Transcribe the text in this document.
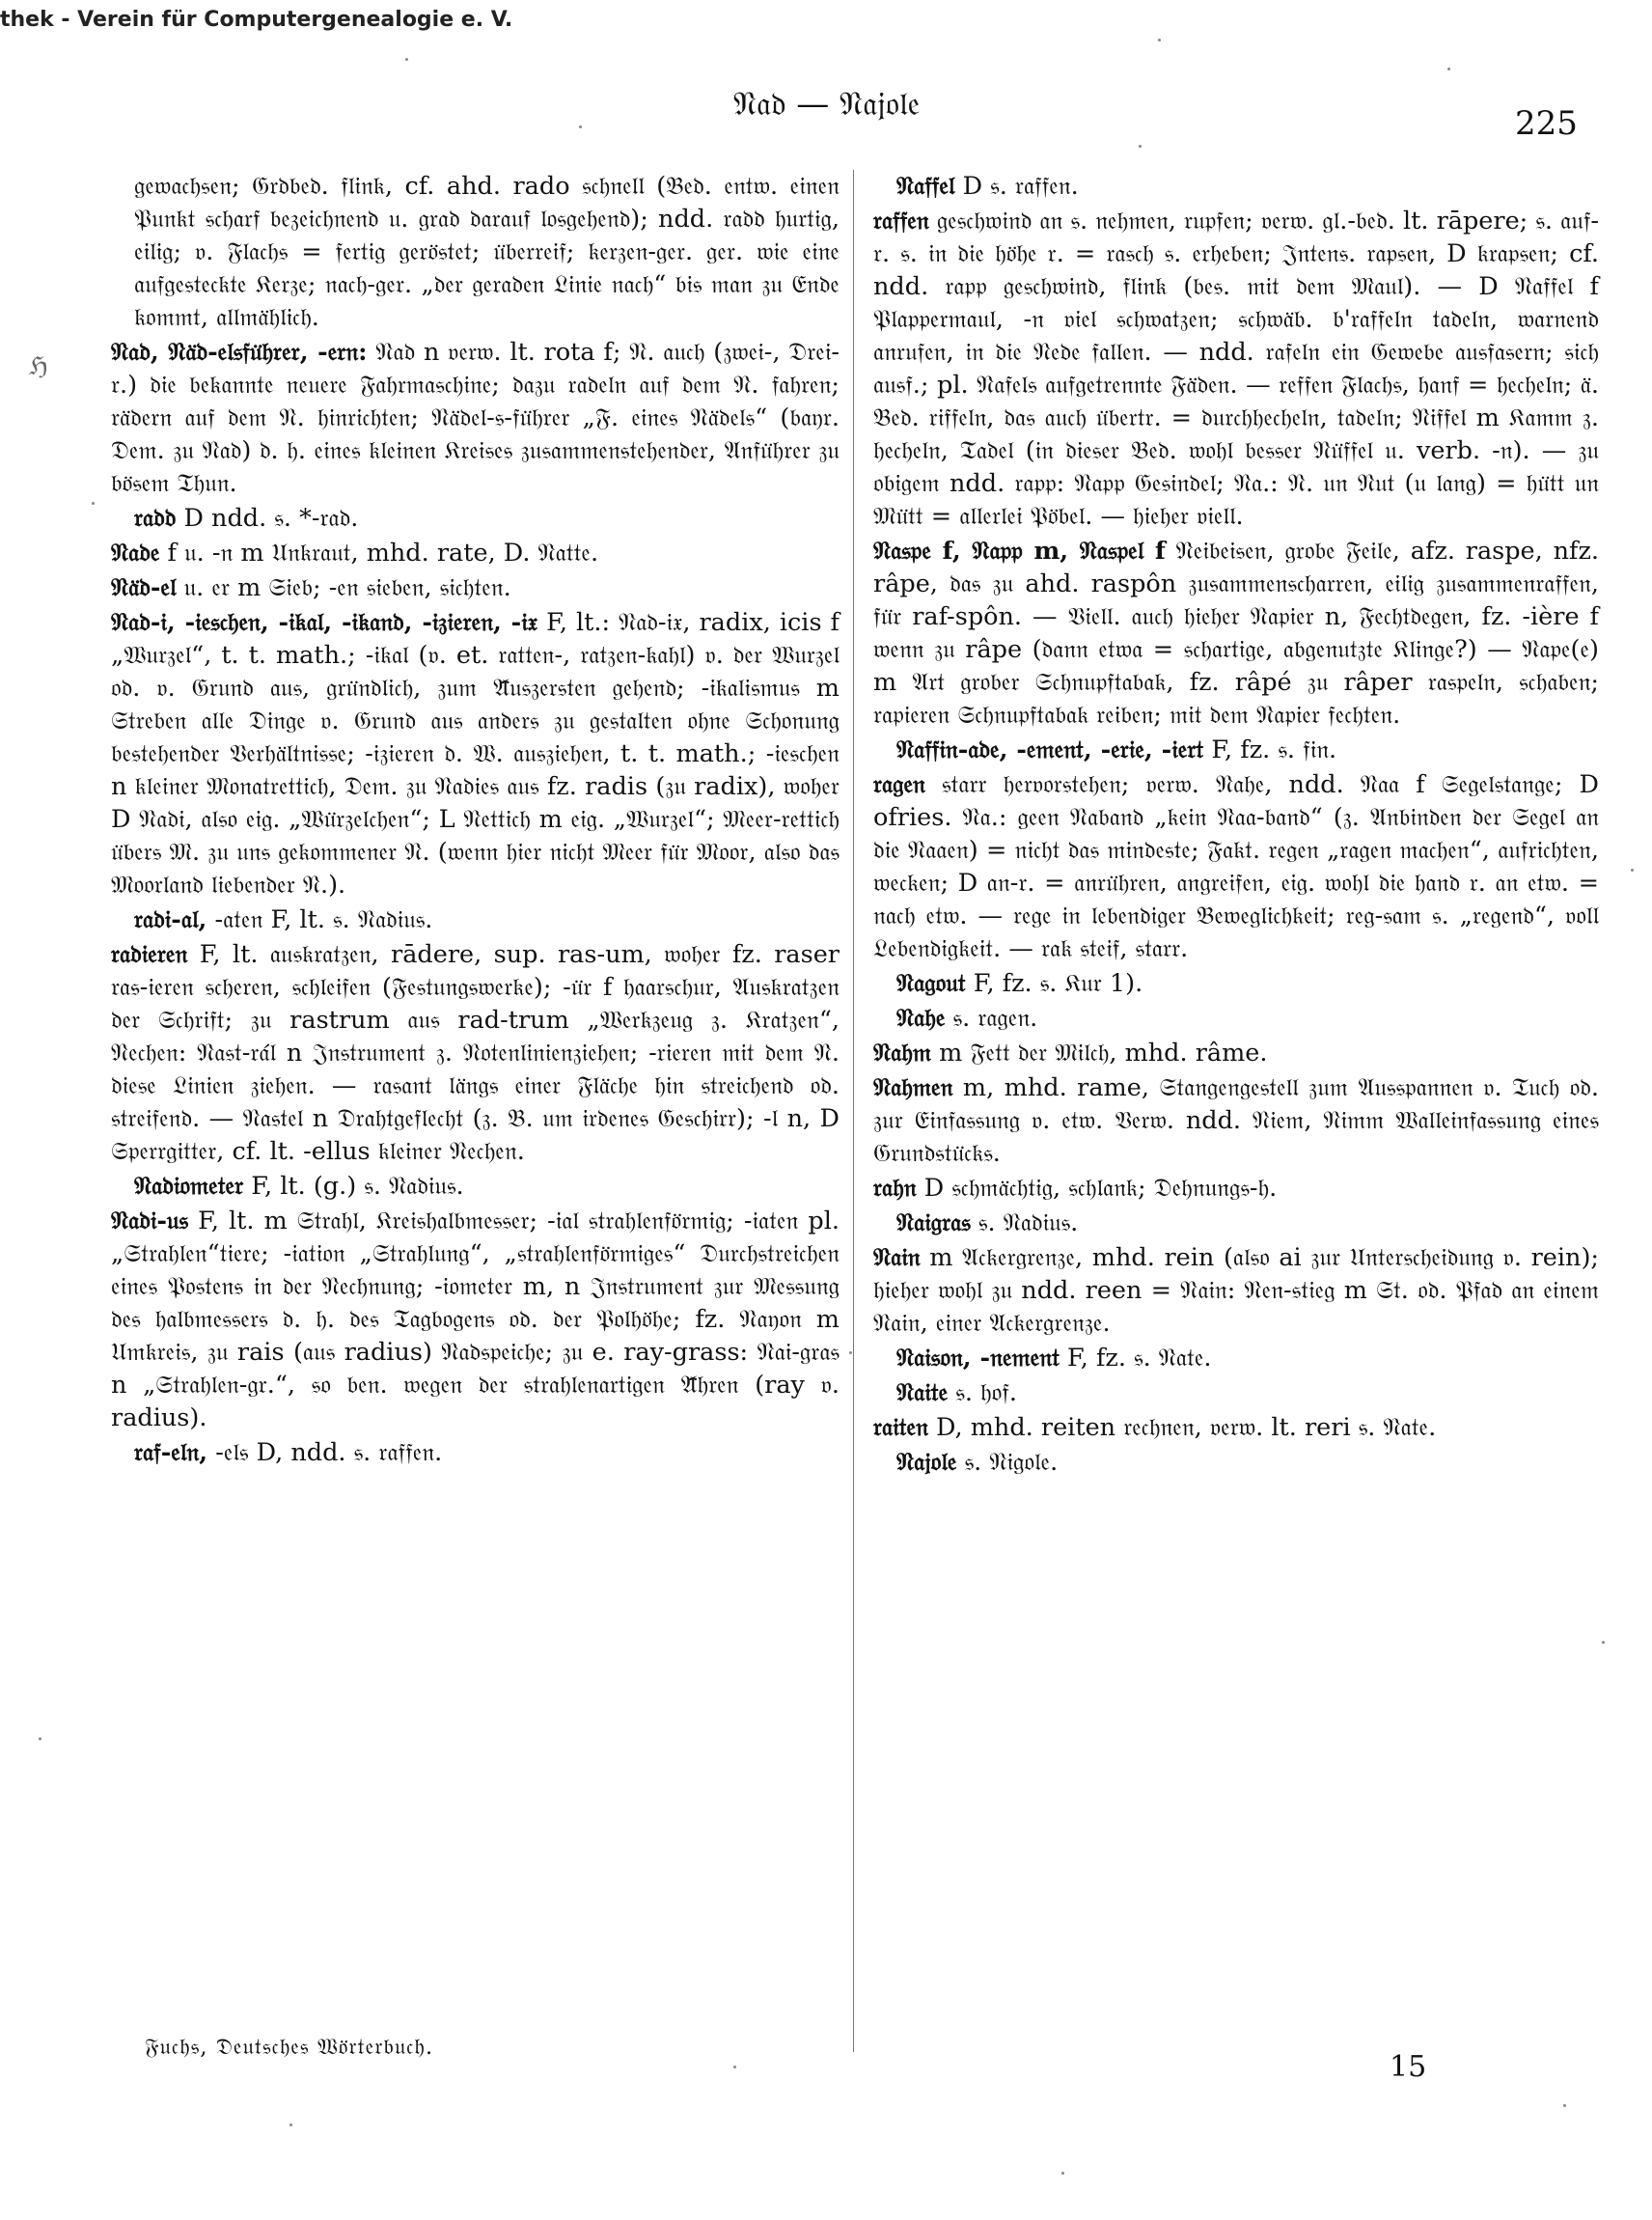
thek - Verein für Computergenealogie e. V.
𝔑𝔞𝔡 — 𝔑𝔞𝔧𝔬𝔩𝔢	225
ℌ

𝔤𝔢𝔴𝔞𝔠𝔥𝔰𝔢𝔫; 𝔊𝔯𝔡𝔟𝔢𝔡. 𝔣𝔩𝔦𝔫𝔨, cf. ahd. rado 𝔰𝔠𝔥𝔫𝔢𝔩𝔩 (𝔅𝔢𝔡. 𝔢𝔫𝔱𝔴. 𝔢𝔦𝔫𝔢𝔫 𝔓𝔲𝔫𝔨𝔱 𝔰𝔠𝔥𝔞𝔯𝔣 𝔟𝔢𝔷𝔢𝔦𝔠𝔥𝔫𝔢𝔫𝔡 𝔲. 𝔤𝔯𝔞𝔡 𝔡𝔞𝔯𝔞𝔲𝔣 𝔩𝔬𝔰𝔤𝔢𝔥𝔢𝔫𝔡); ndd. 𝔯𝔞𝔡𝔡 𝔥𝔲𝔯𝔱𝔦𝔤, 𝔢𝔦𝔩𝔦𝔤; 𝔳. 𝔉𝔩𝔞𝔠𝔥𝔰 = 𝔣𝔢𝔯𝔱𝔦𝔤 𝔤𝔢𝔯𝔬̈𝔰𝔱𝔢𝔱; 𝔲̈𝔟𝔢𝔯𝔯𝔢𝔦𝔣; 𝔨𝔢𝔯𝔷𝔢𝔫-𝔤𝔢𝔯. 𝔤𝔢𝔯. 𝔴𝔦𝔢 𝔢𝔦𝔫𝔢 𝔞𝔲𝔣𝔤𝔢𝔰𝔱𝔢𝔠𝔨𝔱𝔢 𝔎𝔢𝔯𝔷𝔢; 𝔫𝔞𝔠𝔥-𝔤𝔢𝔯. „𝔡𝔢𝔯 𝔤𝔢𝔯𝔞𝔡𝔢𝔫 𝔏𝔦𝔫𝔦𝔢 𝔫𝔞𝔠𝔥“ 𝔟𝔦𝔰 𝔪𝔞𝔫 𝔷𝔲 𝔈𝔫𝔡𝔢 𝔨𝔬𝔪𝔪𝔱, 𝔞𝔩𝔩𝔪𝔞̈𝔥𝔩𝔦𝔠𝔥.

𝔑𝔞𝔡, 𝔑𝔞̈𝔡-𝔢𝔩𝔰𝔣𝔲̈𝔥𝔯𝔢𝔯, -𝔢𝔯𝔫: 𝔑𝔞𝔡 n 𝔳𝔢𝔯𝔴. lt. rota f; 𝔑. 𝔞𝔲𝔠𝔥 (𝔷𝔴𝔢𝔦-, 𝔇𝔯𝔢𝔦-𝔯.) 𝔡𝔦𝔢 𝔟𝔢𝔨𝔞𝔫𝔫𝔱𝔢 𝔫𝔢𝔲𝔢𝔯𝔢 𝔉𝔞𝔥𝔯𝔪𝔞𝔰𝔠𝔥𝔦𝔫𝔢; 𝔡𝔞𝔷𝔲 𝔯𝔞𝔡𝔢𝔩𝔫 𝔞𝔲𝔣 𝔡𝔢𝔪 𝔑. 𝔣𝔞𝔥𝔯𝔢𝔫; 𝔯𝔞̈𝔡𝔢𝔯𝔫 𝔞𝔲𝔣 𝔡𝔢𝔪 𝔑. 𝔥𝔦𝔫𝔯𝔦𝔠𝔥𝔱𝔢𝔫; 𝔑𝔞̈𝔡𝔢𝔩-𝔰-𝔣𝔲̈𝔥𝔯𝔢𝔯 „𝔉. 𝔢𝔦𝔫𝔢𝔰 𝔑𝔞̈𝔡𝔢𝔩𝔰“ (𝔟𝔞𝔶𝔯. 𝔇𝔢𝔪. 𝔷𝔲 𝔑𝔞𝔡) 𝔡. 𝔥. 𝔢𝔦𝔫𝔢𝔰 𝔨𝔩𝔢𝔦𝔫𝔢𝔫 𝔎𝔯𝔢𝔦𝔰𝔢𝔰 𝔷𝔲𝔰𝔞𝔪𝔪𝔢𝔫𝔰𝔱𝔢𝔥𝔢𝔫𝔡𝔢𝔯, 𝔄𝔫𝔣𝔲̈𝔥𝔯𝔢𝔯 𝔷𝔲 𝔟𝔬̈𝔰𝔢𝔪 𝔗𝔥𝔲𝔫.

𝔯𝔞𝔡𝔡 D ndd. 𝔰. *-𝔯𝔞𝔡.

𝔑𝔞𝔡𝔢 f 𝔲. -𝔫 m 𝔘𝔫𝔨𝔯𝔞𝔲𝔱, mhd. rate, D. 𝔑𝔞𝔱𝔱𝔢.

𝔑𝔞̈𝔡-𝔢𝔩 𝔲. 𝔢𝔯 m 𝔖𝔦𝔢𝔟; -𝔢𝔫 𝔰𝔦𝔢𝔟𝔢𝔫, 𝔰𝔦𝔠𝔥𝔱𝔢𝔫.

𝔑𝔞𝔡-𝔦, -𝔦𝔢𝔰𝔠𝔥𝔢𝔫, -𝔦𝔨𝔞𝔩, -𝔦𝔨𝔞𝔫𝔡, -𝔦𝔷𝔦𝔢𝔯𝔢𝔫, -𝔦𝔵 F, lt.: 𝔑𝔞𝔡-𝔦𝔵, radix, icis f „𝔚𝔲𝔯𝔷𝔢𝔩“, t. t. math.; -𝔦𝔨𝔞𝔩 (𝔳. et. 𝔯𝔞𝔱𝔱𝔢𝔫-, 𝔯𝔞𝔱𝔷𝔢𝔫-𝔨𝔞𝔥𝔩) 𝔳. 𝔡𝔢𝔯 𝔚𝔲𝔯𝔷𝔢𝔩 𝔬𝔡. 𝔳. 𝔊𝔯𝔲𝔫𝔡 𝔞𝔲𝔰, 𝔤𝔯𝔲̈𝔫𝔡𝔩𝔦𝔠𝔥, 𝔷𝔲𝔪 𝔄̈𝔲𝔰𝔷𝔢𝔯𝔰𝔱𝔢𝔫 𝔤𝔢𝔥𝔢𝔫𝔡; -𝔦𝔨𝔞𝔩𝔦𝔰𝔪𝔲𝔰 m 𝔖𝔱𝔯𝔢𝔟𝔢𝔫 𝔞𝔩𝔩𝔢 𝔇𝔦𝔫𝔤𝔢 𝔳. 𝔊𝔯𝔲𝔫𝔡 𝔞𝔲𝔰 𝔞𝔫𝔡𝔢𝔯𝔰 𝔷𝔲 𝔤𝔢𝔰𝔱𝔞𝔩𝔱𝔢𝔫 𝔬𝔥𝔫𝔢 𝔖𝔠𝔥𝔬𝔫𝔲𝔫𝔤 𝔟𝔢𝔰𝔱𝔢𝔥𝔢𝔫𝔡𝔢𝔯 𝔙𝔢𝔯𝔥𝔞̈𝔩𝔱𝔫𝔦𝔰𝔰𝔢; -𝔦𝔷𝔦𝔢𝔯𝔢𝔫 𝔡. 𝔚. 𝔞𝔲𝔰𝔷𝔦𝔢𝔥𝔢𝔫, t. t. math.; -𝔦𝔢𝔰𝔠𝔥𝔢𝔫 n 𝔨𝔩𝔢𝔦𝔫𝔢𝔯 𝔐𝔬𝔫𝔞𝔱𝔯𝔢𝔱𝔱𝔦𝔠𝔥, 𝔇𝔢𝔪. 𝔷𝔲 𝔑𝔞𝔡𝔦𝔢𝔰 𝔞𝔲𝔰 fz. radis (𝔷𝔲 radix), 𝔴𝔬𝔥𝔢𝔯 D 𝔑𝔞𝔡𝔦, 𝔞𝔩𝔰𝔬 𝔢𝔦𝔤. „𝔚𝔲̈𝔯𝔷𝔢𝔩𝔠𝔥𝔢𝔫“; L 𝔑𝔢𝔱𝔱𝔦𝔠𝔥 m 𝔢𝔦𝔤. „𝔚𝔲𝔯𝔷𝔢𝔩“; 𝔐𝔢𝔢𝔯-𝔯𝔢𝔱𝔱𝔦𝔠𝔥 𝔲̈𝔟𝔢𝔯𝔰 𝔐. 𝔷𝔲 𝔲𝔫𝔰 𝔤𝔢𝔨𝔬𝔪𝔪𝔢𝔫𝔢𝔯 𝔑. (𝔴𝔢𝔫𝔫 𝔥𝔦𝔢𝔯 𝔫𝔦𝔠𝔥𝔱 𝔐𝔢𝔢𝔯 𝔣𝔲̈𝔯 𝔐𝔬𝔬𝔯, 𝔞𝔩𝔰𝔬 𝔡𝔞𝔰 𝔐𝔬𝔬𝔯𝔩𝔞𝔫𝔡 𝔩𝔦𝔢𝔟𝔢𝔫𝔡𝔢𝔯 𝔑.).

𝔯𝔞𝔡𝔦-𝔞𝔩, -𝔞𝔱𝔢𝔫 F, lt. 𝔰. 𝔑𝔞𝔡𝔦𝔲𝔰.

𝔯𝔞𝔡𝔦𝔢𝔯𝔢𝔫 F, lt. 𝔞𝔲𝔰𝔨𝔯𝔞𝔱𝔷𝔢𝔫, rādere, sup. ras-um, 𝔴𝔬𝔥𝔢𝔯 fz. raser 𝔯𝔞𝔰-𝔦𝔢𝔯𝔢𝔫 𝔰𝔠𝔥𝔢𝔯𝔢𝔫, 𝔰𝔠𝔥𝔩𝔢𝔦𝔣𝔢𝔫 (𝔉𝔢𝔰𝔱𝔲𝔫𝔤𝔰𝔴𝔢𝔯𝔨𝔢); -𝔲̈𝔯 f 𝔥𝔞𝔞𝔯𝔰𝔠𝔥𝔲𝔯, 𝔄𝔲𝔰𝔨𝔯𝔞𝔱𝔷𝔢𝔫 𝔡𝔢𝔯 𝔖𝔠𝔥𝔯𝔦𝔣𝔱; 𝔷𝔲 rastrum 𝔞𝔲𝔰 rad-trum „𝔚𝔢𝔯𝔨𝔷𝔢𝔲𝔤 𝔷. 𝔎𝔯𝔞𝔱𝔷𝔢𝔫“, 𝔑𝔢𝔠𝔥𝔢𝔫: 𝔑𝔞𝔰𝔱-𝔯𝔞́𝔩 n 𝔍𝔫𝔰𝔱𝔯𝔲𝔪𝔢𝔫𝔱 𝔷. 𝔑𝔬𝔱𝔢𝔫𝔩𝔦𝔫𝔦𝔢𝔫𝔷𝔦𝔢𝔥𝔢𝔫; -𝔯𝔦𝔢𝔯𝔢𝔫 𝔪𝔦𝔱 𝔡𝔢𝔪 𝔑. 𝔡𝔦𝔢𝔰𝔢 𝔏𝔦𝔫𝔦𝔢𝔫 𝔷𝔦𝔢𝔥𝔢𝔫. — 𝔯𝔞𝔰𝔞𝔫𝔱 𝔩𝔞̈𝔫𝔤𝔰 𝔢𝔦𝔫𝔢𝔯 𝔉𝔩𝔞̈𝔠𝔥𝔢 𝔥𝔦𝔫 𝔰𝔱𝔯𝔢𝔦𝔠𝔥𝔢𝔫𝔡 𝔬𝔡. 𝔰𝔱𝔯𝔢𝔦𝔣𝔢𝔫𝔡. — 𝔑𝔞𝔰𝔱𝔢𝔩 n 𝔇𝔯𝔞𝔥𝔱𝔤𝔢𝔣𝔩𝔢𝔠𝔥𝔱 (𝔷. 𝔅. 𝔲𝔪 𝔦𝔯𝔡𝔢𝔫𝔢𝔰 𝔊𝔢𝔰𝔠𝔥𝔦𝔯𝔯); -𝔩 n, D 𝔖𝔭𝔢𝔯𝔯𝔤𝔦𝔱𝔱𝔢𝔯, cf. lt. -ellus 𝔨𝔩𝔢𝔦𝔫𝔢𝔯 𝔑𝔢𝔠𝔥𝔢𝔫.

𝔑𝔞𝔡𝔦𝔬𝔪𝔢𝔱𝔢𝔯 F, lt. (g.) 𝔰. 𝔑𝔞𝔡𝔦𝔲𝔰.

𝔑𝔞𝔡𝔦-𝔲𝔰 F, lt. m 𝔖𝔱𝔯𝔞𝔥𝔩, 𝔎𝔯𝔢𝔦𝔰𝔥𝔞𝔩𝔟𝔪𝔢𝔰𝔰𝔢𝔯; -𝔦𝔞𝔩 𝔰𝔱𝔯𝔞𝔥𝔩𝔢𝔫𝔣𝔬̈𝔯𝔪𝔦𝔤; -𝔦𝔞𝔱𝔢𝔫 pl. „𝔖𝔱𝔯𝔞𝔥𝔩𝔢𝔫“𝔱𝔦𝔢𝔯𝔢; -𝔦𝔞𝔱𝔦𝔬𝔫 „𝔖𝔱𝔯𝔞𝔥𝔩𝔲𝔫𝔤“, „𝔰𝔱𝔯𝔞𝔥𝔩𝔢𝔫𝔣𝔬̈𝔯𝔪𝔦𝔤𝔢𝔰“ 𝔇𝔲𝔯𝔠𝔥𝔰𝔱𝔯𝔢𝔦𝔠𝔥𝔢𝔫 𝔢𝔦𝔫𝔢𝔰 𝔓𝔬𝔰𝔱𝔢𝔫𝔰 𝔦𝔫 𝔡𝔢𝔯 𝔑𝔢𝔠𝔥𝔫𝔲𝔫𝔤; -𝔦𝔬𝔪𝔢𝔱𝔢𝔯 m, n 𝔍𝔫𝔰𝔱𝔯𝔲𝔪𝔢𝔫𝔱 𝔷𝔲𝔯 𝔐𝔢𝔰𝔰𝔲𝔫𝔤 𝔡𝔢𝔰 𝔥𝔞𝔩𝔟𝔪𝔢𝔰𝔰𝔢𝔯𝔰 𝔡. 𝔥. 𝔡𝔢𝔰 𝔗𝔞𝔤𝔟𝔬𝔤𝔢𝔫𝔰 𝔬𝔡. 𝔡𝔢𝔯 𝔓𝔬𝔩𝔥𝔬̈𝔥𝔢; fz. 𝔑𝔞𝔶𝔬𝔫 m 𝔘𝔪𝔨𝔯𝔢𝔦𝔰, 𝔷𝔲 rais (𝔞𝔲𝔰 radius) 𝔑𝔞𝔡𝔰𝔭𝔢𝔦𝔠𝔥𝔢; 𝔷𝔲 e. ray-grass: 𝔑𝔞𝔦-𝔤𝔯𝔞𝔰 n „𝔖𝔱𝔯𝔞𝔥𝔩𝔢𝔫-𝔤𝔯.“, 𝔰𝔬 𝔟𝔢𝔫. 𝔴𝔢𝔤𝔢𝔫 𝔡𝔢𝔯 𝔰𝔱𝔯𝔞𝔥𝔩𝔢𝔫𝔞𝔯𝔱𝔦𝔤𝔢𝔫 𝔄̈𝔥𝔯𝔢𝔫 (ray 𝔳. radius).

𝔯𝔞𝔣-𝔢𝔩𝔫, -𝔢𝔩𝔰 D, ndd. 𝔰. 𝔯𝔞𝔣𝔣𝔢𝔫.

𝔑𝔞𝔣𝔣𝔢𝔩 D 𝔰. 𝔯𝔞𝔣𝔣𝔢𝔫.

𝔯𝔞𝔣𝔣𝔢𝔫 𝔤𝔢𝔰𝔠𝔥𝔴𝔦𝔫𝔡 𝔞𝔫 𝔰. 𝔫𝔢𝔥𝔪𝔢𝔫, 𝔯𝔲𝔭𝔣𝔢𝔫; 𝔳𝔢𝔯𝔴. 𝔤𝔩.-𝔟𝔢𝔡. lt. rāpere; 𝔰. 𝔞𝔲𝔣-𝔯. 𝔰. 𝔦𝔫 𝔡𝔦𝔢 𝔥𝔬̈𝔥𝔢 𝔯. = 𝔯𝔞𝔰𝔠𝔥 𝔰. 𝔢𝔯𝔥𝔢𝔟𝔢𝔫; 𝔍𝔫𝔱𝔢𝔫𝔰. 𝔯𝔞𝔭𝔰𝔢𝔫, D 𝔨𝔯𝔞𝔭𝔰𝔢𝔫; cf. ndd. 𝔯𝔞𝔭𝔭 𝔤𝔢𝔰𝔠𝔥𝔴𝔦𝔫𝔡, 𝔣𝔩𝔦𝔫𝔨 (𝔟𝔢𝔰. 𝔪𝔦𝔱 𝔡𝔢𝔪 𝔐𝔞𝔲𝔩). — D 𝔑𝔞𝔣𝔣𝔢𝔩 f 𝔓𝔩𝔞𝔭𝔭𝔢𝔯𝔪𝔞𝔲𝔩, -𝔫 𝔳𝔦𝔢𝔩 𝔰𝔠𝔥𝔴𝔞𝔱𝔷𝔢𝔫; 𝔰𝔠𝔥𝔴𝔞̈𝔟. 𝔟'𝔯𝔞𝔣𝔣𝔢𝔩𝔫 𝔱𝔞𝔡𝔢𝔩𝔫, 𝔴𝔞𝔯𝔫𝔢𝔫𝔡 𝔞𝔫𝔯𝔲𝔣𝔢𝔫, 𝔦𝔫 𝔡𝔦𝔢 𝔑𝔢𝔡𝔢 𝔣𝔞𝔩𝔩𝔢𝔫. — ndd. 𝔯𝔞𝔣𝔢𝔩𝔫 𝔢𝔦𝔫 𝔊𝔢𝔴𝔢𝔟𝔢 𝔞𝔲𝔰𝔣𝔞𝔰𝔢𝔯𝔫; 𝔰𝔦𝔠𝔥 𝔞𝔲𝔰𝔣.; pl. 𝔑𝔞𝔣𝔢𝔩𝔰 𝔞𝔲𝔣𝔤𝔢𝔱𝔯𝔢𝔫𝔫𝔱𝔢 𝔉𝔞̈𝔡𝔢𝔫. — 𝔯𝔢𝔣𝔣𝔢𝔫 𝔉𝔩𝔞𝔠𝔥𝔰, 𝔥𝔞𝔫𝔣 = 𝔥𝔢𝔠𝔥𝔢𝔩𝔫; 𝔞̈. 𝔅𝔢𝔡. 𝔯𝔦𝔣𝔣𝔢𝔩𝔫, 𝔡𝔞𝔰 𝔞𝔲𝔠𝔥 𝔲̈𝔟𝔢𝔯𝔱𝔯. = 𝔡𝔲𝔯𝔠𝔥𝔥𝔢𝔠𝔥𝔢𝔩𝔫, 𝔱𝔞𝔡𝔢𝔩𝔫; 𝔑𝔦𝔣𝔣𝔢𝔩 m 𝔎𝔞𝔪𝔪 𝔷. 𝔥𝔢𝔠𝔥𝔢𝔩𝔫, 𝔗𝔞𝔡𝔢𝔩 (𝔦𝔫 𝔡𝔦𝔢𝔰𝔢𝔯 𝔅𝔢𝔡. 𝔴𝔬𝔥𝔩 𝔟𝔢𝔰𝔰𝔢𝔯 𝔑𝔲̈𝔣𝔣𝔢𝔩 𝔲. verb. -𝔫). — 𝔷𝔲 𝔬𝔟𝔦𝔤𝔢𝔪 ndd. 𝔯𝔞𝔭𝔭: 𝔑𝔞𝔭𝔭 𝔊𝔢𝔰𝔦𝔫𝔡𝔢𝔩; 𝔑𝔞.: 𝔑. 𝔲𝔫 𝔑𝔲𝔱 (𝔲 𝔩𝔞𝔫𝔤) = 𝔥𝔲̈𝔱𝔱 𝔲𝔫 𝔐𝔲̈𝔱𝔱 = 𝔞𝔩𝔩𝔢𝔯𝔩𝔢𝔦 𝔓𝔬̈𝔟𝔢𝔩. — 𝔥𝔦𝔢𝔥𝔢𝔯 𝔳𝔦𝔢𝔩𝔩.

𝔑𝔞𝔰𝔭𝔢 f, 𝔑𝔞𝔭𝔭 m, 𝔑𝔞𝔰𝔭𝔢𝔩 f 𝔑𝔢𝔦𝔟𝔢𝔦𝔰𝔢𝔫, 𝔤𝔯𝔬𝔟𝔢 𝔉𝔢𝔦𝔩𝔢, afz. raspe, nfz. râpe, 𝔡𝔞𝔰 𝔷𝔲 ahd. raspôn 𝔷𝔲𝔰𝔞𝔪𝔪𝔢𝔫𝔰𝔠𝔥𝔞𝔯𝔯𝔢𝔫, 𝔢𝔦𝔩𝔦𝔤 𝔷𝔲𝔰𝔞𝔪𝔪𝔢𝔫𝔯𝔞𝔣𝔣𝔢𝔫, 𝔣𝔲̈𝔯 raf-spôn. — 𝔙𝔦𝔢𝔩𝔩. 𝔞𝔲𝔠𝔥 𝔥𝔦𝔢𝔥𝔢𝔯 𝔑𝔞𝔭𝔦𝔢𝔯 n, 𝔉𝔢𝔠𝔥𝔱𝔡𝔢𝔤𝔢𝔫, fz. -ière f 𝔴𝔢𝔫𝔫 𝔷𝔲 râpe (𝔡𝔞𝔫𝔫 𝔢𝔱𝔴𝔞 = 𝔰𝔠𝔥𝔞𝔯𝔱𝔦𝔤𝔢, 𝔞𝔟𝔤𝔢𝔫𝔲𝔱𝔷𝔱𝔢 𝔎𝔩𝔦𝔫𝔤𝔢?) — 𝔑𝔞𝔭𝔢(𝔢) m 𝔄𝔯𝔱 𝔤𝔯𝔬𝔟𝔢𝔯 𝔖𝔠𝔥𝔫𝔲𝔭𝔣𝔱𝔞𝔟𝔞𝔨, fz. râpé 𝔷𝔲 râper 𝔯𝔞𝔰𝔭𝔢𝔩𝔫, 𝔰𝔠𝔥𝔞𝔟𝔢𝔫; 𝔯𝔞𝔭𝔦𝔢𝔯𝔢𝔫 𝔖𝔠𝔥𝔫𝔲𝔭𝔣𝔱𝔞𝔟𝔞𝔨 𝔯𝔢𝔦𝔟𝔢𝔫; 𝔪𝔦𝔱 𝔡𝔢𝔪 𝔑𝔞𝔭𝔦𝔢𝔯 𝔣𝔢𝔠𝔥𝔱𝔢𝔫.

𝔑𝔞𝔣𝔣𝔦𝔫-𝔞𝔡𝔢, -𝔢𝔪𝔢𝔫𝔱, -𝔢𝔯𝔦𝔢, -𝔦𝔢𝔯𝔱 F, fz. 𝔰. 𝔣𝔦𝔫.

𝔯𝔞𝔤𝔢𝔫 𝔰𝔱𝔞𝔯𝔯 𝔥𝔢𝔯𝔳𝔬𝔯𝔰𝔱𝔢𝔥𝔢𝔫; 𝔳𝔢𝔯𝔴. 𝔑𝔞𝔥𝔢, ndd. 𝔑𝔞𝔞 f 𝔖𝔢𝔤𝔢𝔩𝔰𝔱𝔞𝔫𝔤𝔢; D ofries. 𝔑𝔞.: 𝔤𝔢𝔢𝔫 𝔑𝔞𝔟𝔞𝔫𝔡 „𝔨𝔢𝔦𝔫 𝔑𝔞𝔞-𝔟𝔞𝔫𝔡“ (𝔷. 𝔄𝔫𝔟𝔦𝔫𝔡𝔢𝔫 𝔡𝔢𝔯 𝔖𝔢𝔤𝔢𝔩 𝔞𝔫 𝔡𝔦𝔢 𝔑𝔞𝔞𝔢𝔫) = 𝔫𝔦𝔠𝔥𝔱 𝔡𝔞𝔰 𝔪𝔦𝔫𝔡𝔢𝔰𝔱𝔢; 𝔉𝔞𝔨𝔱. 𝔯𝔢𝔤𝔢𝔫 „𝔯𝔞𝔤𝔢𝔫 𝔪𝔞𝔠𝔥𝔢𝔫“, 𝔞𝔲𝔣𝔯𝔦𝔠𝔥𝔱𝔢𝔫, 𝔴𝔢𝔠𝔨𝔢𝔫; D 𝔞𝔫-𝔯. = 𝔞𝔫𝔯𝔲̈𝔥𝔯𝔢𝔫, 𝔞𝔫𝔤𝔯𝔢𝔦𝔣𝔢𝔫, 𝔢𝔦𝔤. 𝔴𝔬𝔥𝔩 𝔡𝔦𝔢 𝔥𝔞𝔫𝔡 𝔯. 𝔞𝔫 𝔢𝔱𝔴. = 𝔫𝔞𝔠𝔥 𝔢𝔱𝔴. — 𝔯𝔢𝔤𝔢 𝔦𝔫 𝔩𝔢𝔟𝔢𝔫𝔡𝔦𝔤𝔢𝔯 𝔅𝔢𝔴𝔢𝔤𝔩𝔦𝔠𝔥𝔨𝔢𝔦𝔱; 𝔯𝔢𝔤-𝔰𝔞𝔪 𝔰. „𝔯𝔢𝔤𝔢𝔫𝔡“, 𝔳𝔬𝔩𝔩 𝔏𝔢𝔟𝔢𝔫𝔡𝔦𝔤𝔨𝔢𝔦𝔱. — 𝔯𝔞𝔨 𝔰𝔱𝔢𝔦𝔣, 𝔰𝔱𝔞𝔯𝔯.

𝔑𝔞𝔤𝔬𝔲𝔱 F, fz. 𝔰. 𝔎𝔲𝔯 1).

𝔑𝔞𝔥𝔢 𝔰. 𝔯𝔞𝔤𝔢𝔫.

𝔑𝔞𝔥𝔪 m 𝔉𝔢𝔱𝔱 𝔡𝔢𝔯 𝔐𝔦𝔩𝔠𝔥, mhd. râme.

𝔑𝔞𝔥𝔪𝔢𝔫 m, mhd. rame, 𝔖𝔱𝔞𝔫𝔤𝔢𝔫𝔤𝔢𝔰𝔱𝔢𝔩𝔩 𝔷𝔲𝔪 𝔄𝔲𝔰𝔰𝔭𝔞𝔫𝔫𝔢𝔫 𝔳. 𝔗𝔲𝔠𝔥 𝔬𝔡. 𝔷𝔲𝔯 𝔈𝔦𝔫𝔣𝔞𝔰𝔰𝔲𝔫𝔤 𝔳. 𝔢𝔱𝔴. 𝔙𝔢𝔯𝔴. ndd. 𝔑𝔦𝔢𝔪, 𝔑𝔦𝔪𝔪 𝔚𝔞𝔩𝔩𝔢𝔦𝔫𝔣𝔞𝔰𝔰𝔲𝔫𝔤 𝔢𝔦𝔫𝔢𝔰 𝔊𝔯𝔲𝔫𝔡𝔰𝔱𝔲̈𝔠𝔨𝔰.

𝔯𝔞𝔥𝔫 D 𝔰𝔠𝔥𝔪𝔞̈𝔠𝔥𝔱𝔦𝔤, 𝔰𝔠𝔥𝔩𝔞𝔫𝔨; 𝔇𝔢𝔥𝔫𝔲𝔫𝔤𝔰-𝔥.

𝔑𝔞𝔦𝔤𝔯𝔞𝔰 𝔰. 𝔑𝔞𝔡𝔦𝔲𝔰.

𝔑𝔞𝔦𝔫 m 𝔄𝔠𝔨𝔢𝔯𝔤𝔯𝔢𝔫𝔷𝔢, mhd. rein (𝔞𝔩𝔰𝔬 ai 𝔷𝔲𝔯 𝔘𝔫𝔱𝔢𝔯𝔰𝔠𝔥𝔢𝔦𝔡𝔲𝔫𝔤 𝔳. rein); 𝔥𝔦𝔢𝔥𝔢𝔯 𝔴𝔬𝔥𝔩 𝔷𝔲 ndd. reen = 𝔑𝔞𝔦𝔫: 𝔑𝔢𝔫-𝔰𝔱𝔦𝔢𝔤 m 𝔖𝔱. 𝔬𝔡. 𝔓𝔣𝔞𝔡 𝔞𝔫 𝔢𝔦𝔫𝔢𝔪 𝔑𝔞𝔦𝔫, 𝔢𝔦𝔫𝔢𝔯 𝔄𝔠𝔨𝔢𝔯𝔤𝔯𝔢𝔫𝔷𝔢.

𝔑𝔞𝔦𝔰𝔬𝔫, -𝔫𝔢𝔪𝔢𝔫𝔱 F, fz. 𝔰. 𝔑𝔞𝔱𝔢.

𝔑𝔞𝔦𝔱𝔢 𝔰. 𝔥𝔬𝔣.

𝔯𝔞𝔦𝔱𝔢𝔫 D, mhd. reiten 𝔯𝔢𝔠𝔥𝔫𝔢𝔫, 𝔳𝔢𝔯𝔴. lt. reri 𝔰. 𝔑𝔞𝔱𝔢.

𝔑𝔞𝔧𝔬𝔩𝔢 𝔰. 𝔑𝔦𝔤𝔬𝔩𝔢.

𝔉𝔲𝔠𝔥𝔰, 𝔇𝔢𝔲𝔱𝔰𝔠𝔥𝔢𝔰 𝔚𝔬̈𝔯𝔱𝔢𝔯𝔟𝔲𝔠𝔥.
15
